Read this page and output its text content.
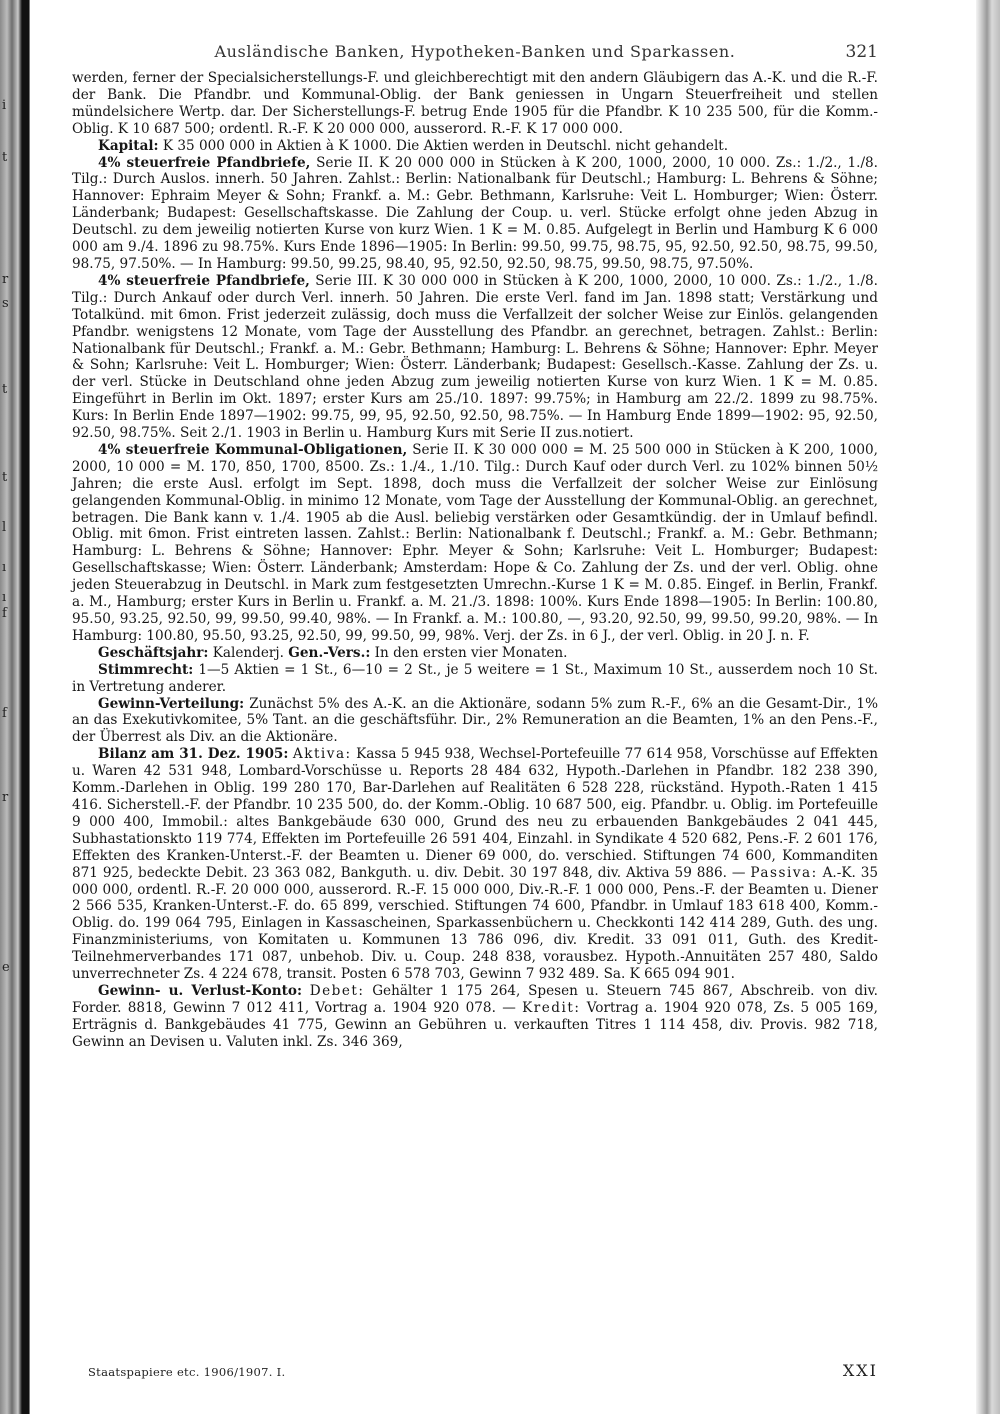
i
t
r
s
t
t
l
ı
ı
f
f
r
e
Ausländische Banken, Hypotheken-Banken und Sparkassen.	321

werden, ferner der Specialsicherstellungs-F. und gleichberechtigt mit den andern Gläubigern das A.-K. und die R.-F. der Bank. Die Pfandbr. und Kommunal-Oblig. der Bank geniessen in Ungarn Steuerfreiheit und stellen mündelsichere Wertp. dar. Der Sicherstellungs-F. betrug Ende 1905 für die Pfandbr. K 10 235 500, für die Komm.-Oblig. K 10 687 500; ordentl. R.-F. K 20 000 000, ausserord. R.-F. K 17 000 000.

Kapital: K 35 000 000 in Aktien à K 1000. Die Aktien werden in Deutschl. nicht gehandelt.

4% steuerfreie Pfandbriefe, Serie II. K 20 000 000 in Stücken à K 200, 1000, 2000, 10 000. Zs.: 1./2., 1./8. Tilg.: Durch Auslos. innerh. 50 Jahren. Zahlst.: Berlin: Nationalbank für Deutschl.; Hamburg: L. Behrens & Söhne; Hannover: Ephraim Meyer & Sohn; Frankf. a. M.: Gebr. Bethmann, Karlsruhe: Veit L. Homburger; Wien: Österr. Länderbank; Budapest: Gesellschaftskasse. Die Zahlung der Coup. u. verl. Stücke erfolgt ohne jeden Abzug in Deutschl. zu dem jeweilig notierten Kurse von kurz Wien. 1 K = M. 0.85. Aufgelegt in Berlin und Hamburg K 6 000 000 am 9./4. 1896 zu 98.75%. Kurs Ende 1896—1905: In Berlin: 99.50, 99.75, 98.75, 95, 92.50, 92.50, 98.75, 99.50, 98.75, 97.50%. — In Hamburg: 99.50, 99.25, 98.40, 95, 92.50, 92.50, 98.75, 99.50, 98.75, 97.50%.

4% steuerfreie Pfandbriefe, Serie III. K 30 000 000 in Stücken à K 200, 1000, 2000, 10 000. Zs.: 1./2., 1./8. Tilg.: Durch Ankauf oder durch Verl. innerh. 50 Jahren. Die erste Verl. fand im Jan. 1898 statt; Verstärkung und Totalkünd. mit 6mon. Frist jederzeit zulässig, doch muss die Verfallzeit der solcher Weise zur Einlös. gelangenden Pfandbr. wenigstens 12 Monate, vom Tage der Ausstellung des Pfandbr. an gerechnet, betragen. Zahlst.: Berlin: Nationalbank für Deutschl.; Frankf. a. M.: Gebr. Bethmann; Hamburg: L. Behrens & Söhne; Hannover: Ephr. Meyer & Sohn; Karlsruhe: Veit L. Homburger; Wien: Österr. Länderbank; Budapest: Gesellsch.-Kasse. Zahlung der Zs. u. der verl. Stücke in Deutschland ohne jeden Abzug zum jeweilig notierten Kurse von kurz Wien. 1 K = M. 0.85. Eingeführt in Berlin im Okt. 1897; erster Kurs am 25./10. 1897: 99.75%; in Hamburg am 22./2. 1899 zu 98.75%. Kurs: In Berlin Ende 1897—1902: 99.75, 99, 95, 92.50, 92.50, 98.75%. — In Hamburg Ende 1899—1902: 95, 92.50, 92.50, 98.75%. Seit 2./1. 1903 in Berlin u. Hamburg Kurs mit Serie II zus.notiert.

4% steuerfreie Kommunal-Obligationen, Serie II. K 30 000 000 = M. 25 500 000 in Stücken à K 200, 1000, 2000, 10 000 = M. 170, 850, 1700, 8500. Zs.: 1./4., 1./10. Tilg.: Durch Kauf oder durch Verl. zu 102% binnen 50½ Jahren; die erste Ausl. erfolgt im Sept. 1898, doch muss die Verfallzeit der solcher Weise zur Einlösung gelangenden Kommunal-Oblig. in minimo 12 Monate, vom Tage der Ausstellung der Kommunal-Oblig. an gerechnet, betragen. Die Bank kann v. 1./4. 1905 ab die Ausl. beliebig verstärken oder Gesamtkündig. der in Umlauf befindl. Oblig. mit 6mon. Frist eintreten lassen. Zahlst.: Berlin: Nationalbank f. Deutschl.; Frankf. a. M.: Gebr. Bethmann; Hamburg: L. Behrens & Söhne; Hannover: Ephr. Meyer & Sohn; Karlsruhe: Veit L. Homburger; Budapest: Gesellschaftskasse; Wien: Österr. Länderbank; Amsterdam: Hope & Co. Zahlung der Zs. und der verl. Oblig. ohne jeden Steuerabzug in Deutschl. in Mark zum festgesetzten Umrechn.-Kurse 1 K = M. 0.85. Eingef. in Berlin, Frankf. a. M., Hamburg; erster Kurs in Berlin u. Frankf. a. M. 21./3. 1898: 100%. Kurs Ende 1898—1905: In Berlin: 100.80, 95.50, 93.25, 92.50, 99, 99.50, 99.40, 98%. — In Frankf. a. M.: 100.80, —, 93.20, 92.50, 99, 99.50, 99.20, 98%. — In Hamburg: 100.80, 95.50, 93.25, 92.50, 99, 99.50, 99, 98%. Verj. der Zs. in 6 J., der verl. Oblig. in 20 J. n. F.

Geschäftsjahr: Kalenderj. Gen.-Vers.: In den ersten vier Monaten.

Stimmrecht: 1—5 Aktien = 1 St., 6—10 = 2 St., je 5 weitere = 1 St., Maximum 10 St., ausserdem noch 10 St. in Vertretung anderer.

Gewinn-Verteilung: Zunächst 5% des A.-K. an die Aktionäre, sodann 5% zum R.-F., 6% an die Gesamt-Dir., 1% an das Exekutivkomitee, 5% Tant. an die geschäftsführ. Dir., 2% Remuneration an die Beamten, 1% an den Pens.-F., der Überrest als Div. an die Aktionäre.

Bilanz am 31. Dez. 1905: Aktiva: Kassa 5 945 938, Wechsel-Portefeuille 77 614 958, Vorschüsse auf Effekten u. Waren 42 531 948, Lombard-Vorschüsse u. Reports 28 484 632, Hypoth.-Darlehen in Pfandbr. 182 238 390, Komm.-Darlehen in Oblig. 199 280 170, Bar-Darlehen auf Realitäten 6 528 228, rückständ. Hypoth.-Raten 1 415 416. Sicherstell.-F. der Pfandbr. 10 235 500, do. der Komm.-Oblig. 10 687 500, eig. Pfandbr. u. Oblig. im Portefeuille 9 000 400, Immobil.: altes Bankgebäude 630 000, Grund des neu zu erbauenden Bankgebäudes 2 041 445, Subhastationskto 119 774, Effekten im Portefeuille 26 591 404, Einzahl. in Syndikate 4 520 682, Pens.-F. 2 601 176, Effekten des Kranken-Unterst.-F. der Beamten u. Diener 69 000, do. verschied. Stiftungen 74 600, Kommanditen 871 925, bedeckte Debit. 23 363 082, Bankguth. u. div. Debit. 30 197 848, div. Aktiva 59 886. — Passiva: A.-K. 35 000 000, ordentl. R.-F. 20 000 000, ausserord. R.-F. 15 000 000, Div.-R.-F. 1 000 000, Pens.-F. der Beamten u. Diener 2 566 535, Kranken-Unterst.-F. do. 65 899, verschied. Stiftungen 74 600, Pfandbr. in Umlauf 183 618 400, Komm.-Oblig. do. 199 064 795, Einlagen in Kassascheinen, Sparkassenbüchern u. Checkkonti 142 414 289, Guth. des ung. Finanzministeriums, von Komitaten u. Kommunen 13 786 096, div. Kredit. 33 091 011, Guth. des Kredit-Teilnehmerverbandes 171 087, unbehob. Div. u. Coup. 248 838, vorausbez. Hypoth.-Annuitäten 257 480, Saldo unverrechneter Zs. 4 224 678, transit. Posten 6 578 703, Gewinn 7 932 489. Sa. K 665 094 901.

Gewinn- u. Verlust-Konto: Debet: Gehälter 1 175 264, Spesen u. Steuern 745 867, Abschreib. von div. Forder. 8818, Gewinn 7 012 411, Vortrag a. 1904 920 078. — Kredit: Vortrag a. 1904 920 078, Zs. 5 005 169, Erträgnis d. Bankgebäudes 41 775, Gewinn an Gebühren u. verkauften Titres 1 114 458, div. Provis. 982 718, Gewinn an Devisen u. Valuten inkl. Zs. 346 369,

Staatspapiere etc. 1906/1907. I.	XXI
